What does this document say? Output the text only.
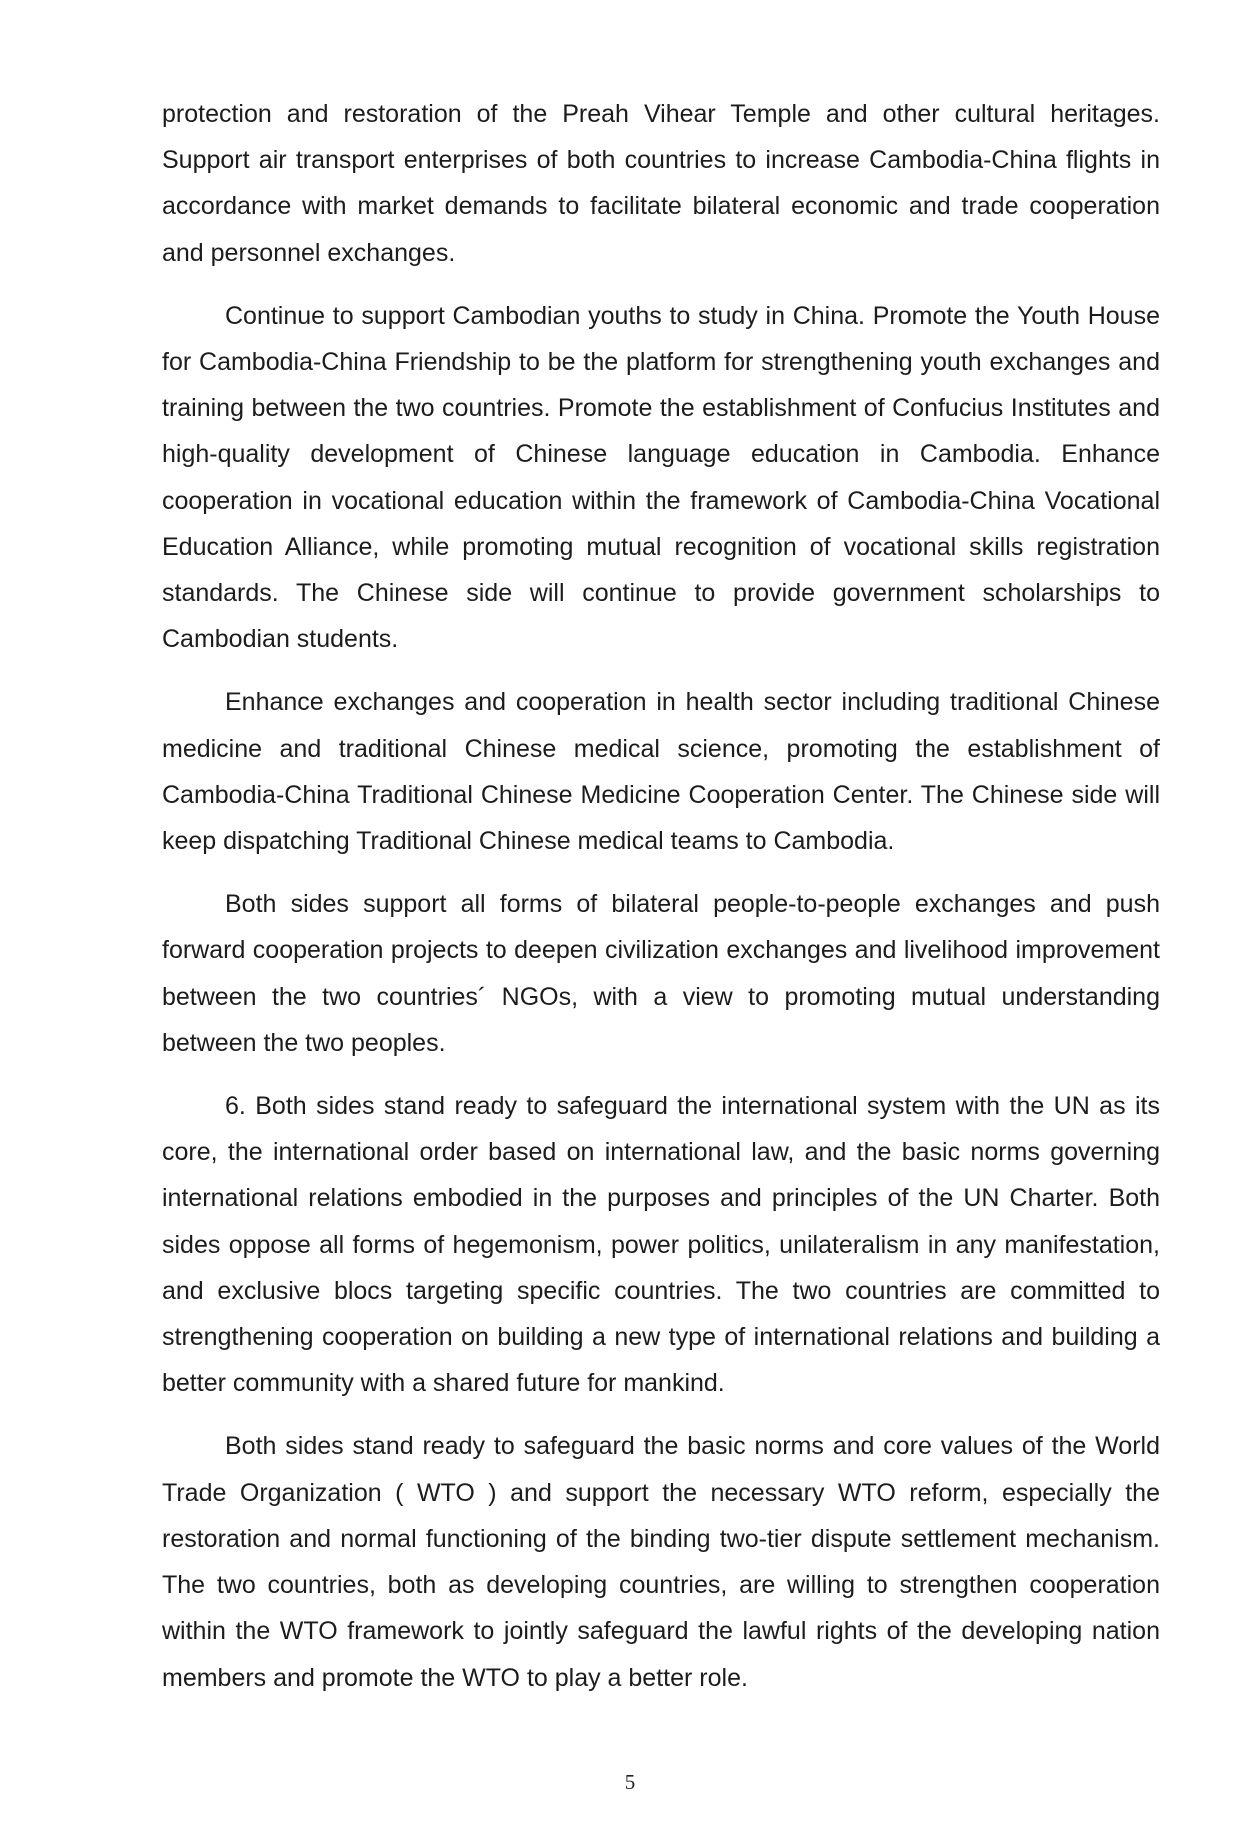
protection and restoration of the Preah Vihear Temple and other cultural heritages. Support air transport enterprises of both countries to increase Cambodia-China flights in accordance with market demands to facilitate bilateral economic and trade cooperation and personnel exchanges.

Continue to support Cambodian youths to study in China. Promote the Youth House for Cambodia-China Friendship to be the platform for strengthening youth exchanges and training between the two countries. Promote the establishment of Confucius Institutes and high-quality development of Chinese language education in Cambodia. Enhance cooperation in vocational education within the framework of Cambodia-China Vocational Education Alliance, while promoting mutual recognition of vocational skills registration standards. The Chinese side will continue to provide government scholarships to Cambodian students.

Enhance exchanges and cooperation in health sector including traditional Chinese medicine and traditional Chinese medical science, promoting the establishment of Cambodia-China Traditional Chinese Medicine Cooperation Center. The Chinese side will keep dispatching Traditional Chinese medical teams to Cambodia.

Both sides support all forms of bilateral people-to-people exchanges and push forward cooperation projects to deepen civilization exchanges and livelihood improvement between the two countries´ NGOs, with a view to promoting mutual understanding between the two peoples.

6. Both sides stand ready to safeguard the international system with the UN as its core, the international order based on international law, and the basic norms governing international relations embodied in the purposes and principles of the UN Charter. Both sides oppose all forms of hegemonism, power politics, unilateralism in any manifestation, and exclusive blocs targeting specific countries. The two countries are committed to strengthening cooperation on building a new type of international relations and building a better community with a shared future for mankind.

Both sides stand ready to safeguard the basic norms and core values of the World Trade Organization ( WTO ) and support the necessary WTO reform, especially the restoration and normal functioning of the binding two-tier dispute settlement mechanism. The two countries, both as developing countries, are willing to strengthen cooperation within the WTO framework to jointly safeguard the lawful rights of the developing nation members and promote the WTO to play a better role.

5
